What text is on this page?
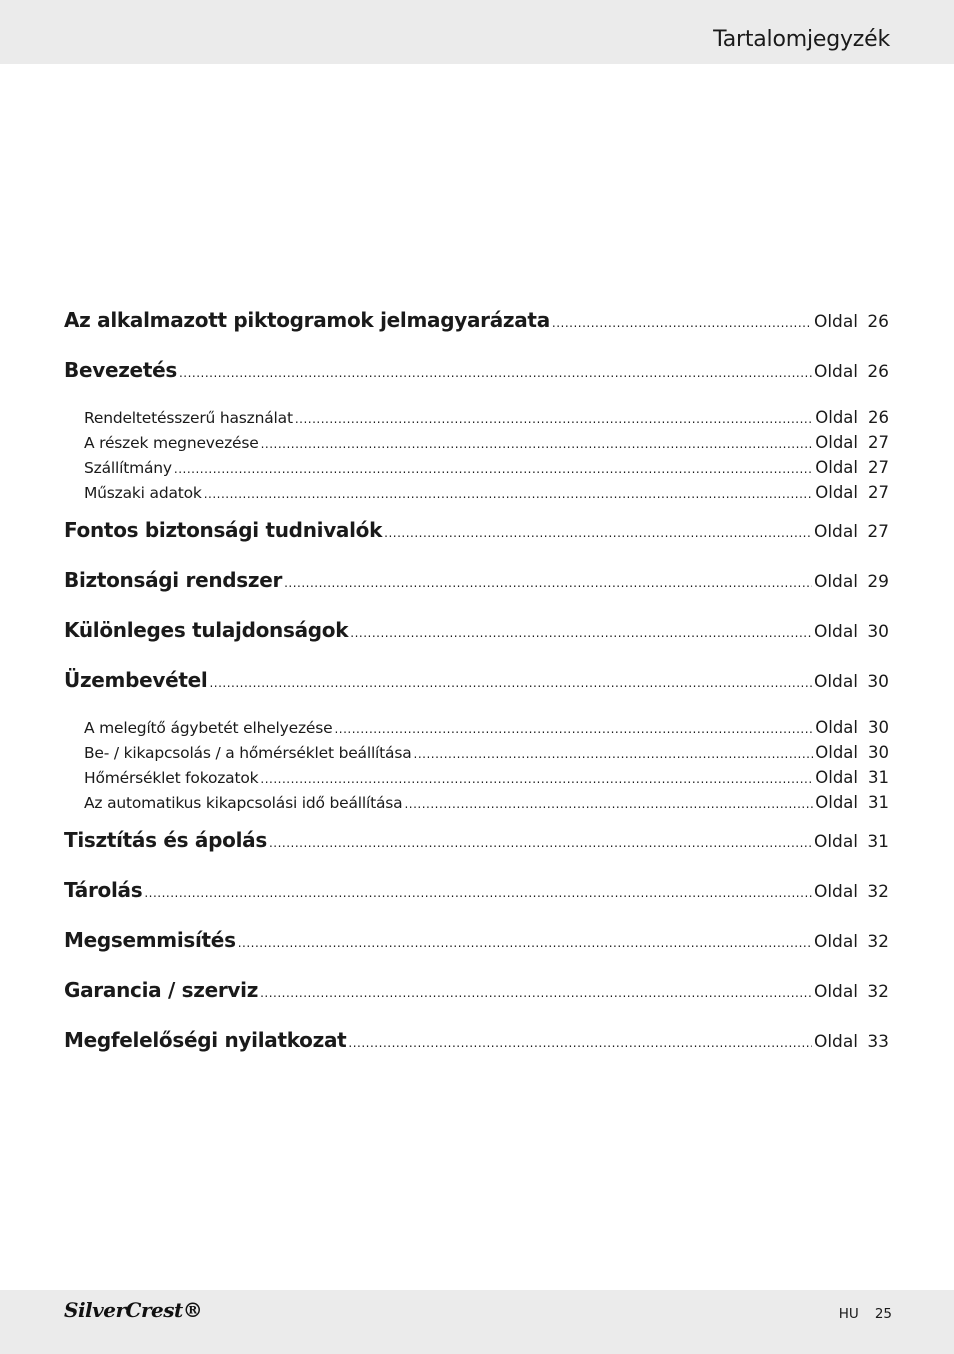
Tartalomjegyzék
Az alkalmazott piktogramok jelmagyarázata .....	Oldal 26
Bevezetés .....	Oldal 26
Rendeltetésszerű használat .....	Oldal 26
A részek megnevezése .....	Oldal 27
Szállítmány .....	Oldal 27
Műszaki adatok .....	Oldal 27
Fontos biztonsági tudnivalók .....	Oldal 27
Biztonsági rendszer .....	Oldal 29
Különleges tulajdonságok .....	Oldal 30
Üzembevétel .....	Oldal 30
A melegítő ágybetét elhelyezése .....	Oldal 30
Be- / kikapcsolás / a hőmérséklet beállítása .....	Oldal 30
Hőmérséklet fokozatok .....	Oldal 31
Az automatikus kikapcsolási idő beállítása .....	Oldal 31
Tisztítás és ápolás .....	Oldal 31
Tárolás .....	Oldal 32
Megsemmisítés .....	Oldal 32
Garancia / szerviz .....	Oldal 32
Megfelelőségi nyilatkozat .....	Oldal 33
SilverCrest®	HU 25
